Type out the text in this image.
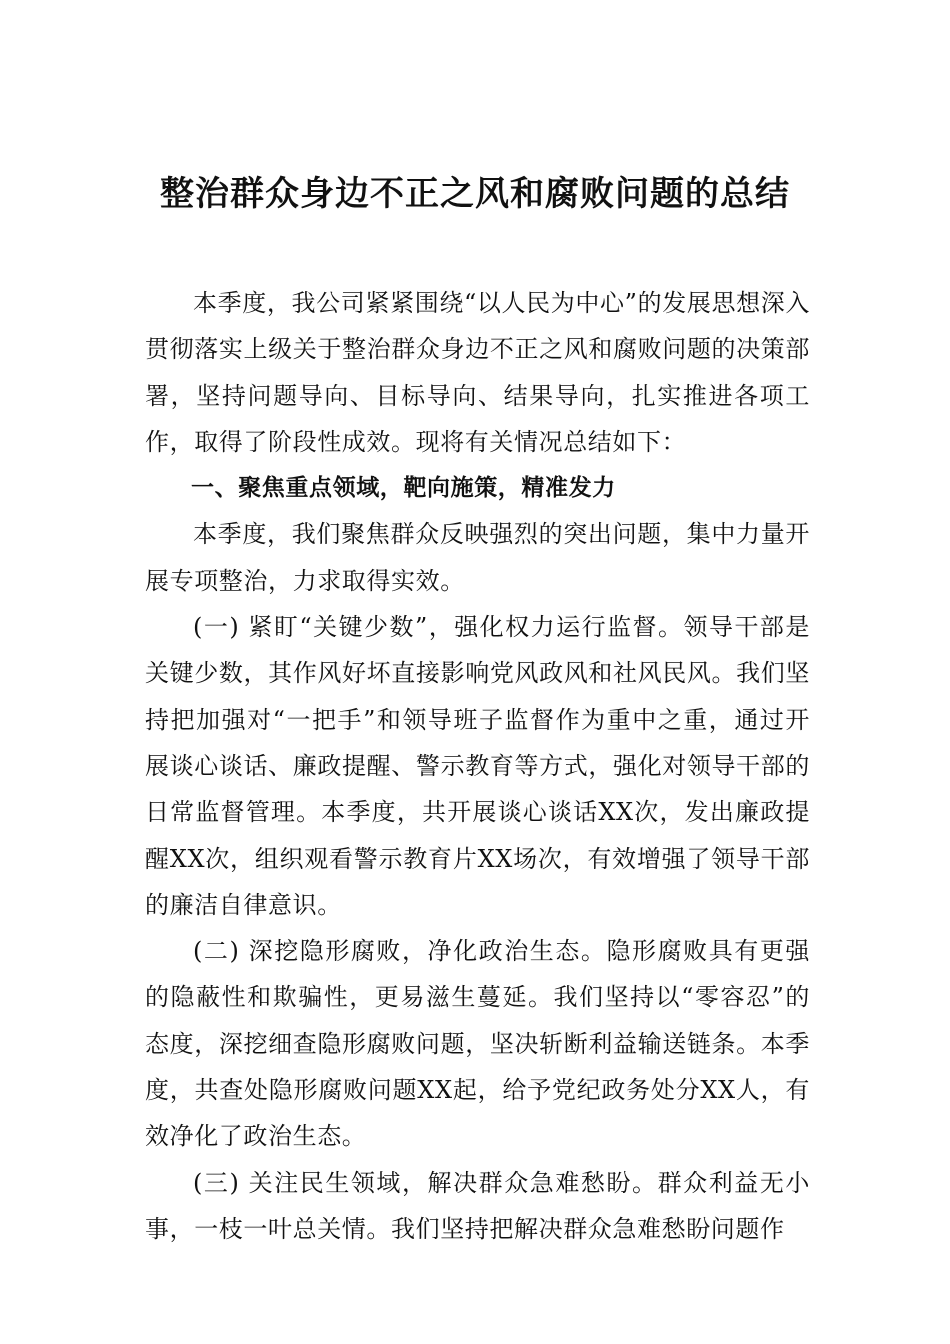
整治群众身边不正之风和腐败问题的总结

本季度，我公司紧紧围绕“以人民为中心”的发展思想深入贯彻落实上级关于整治群众身边不正之风和腐败问题的决策部署，坚持问题导向、目标导向、结果导向，扎实推进各项工作，取得了阶段性成效。现将有关情况总结如下：

一、聚焦重点领域，靶向施策，精准发力

本季度，我们聚焦群众反映强烈的突出问题，集中力量开展专项整治，力求取得实效。

(一) 紧盯“关键少数”，强化权力运行监督。领导干部是关键少数，其作风好坏直接影响党风政风和社风民风。我们坚持把加强对“一把手”和领导班子监督作为重中之重，通过开展谈心谈话、廉政提醒、警示教育等方式，强化对领导干部的日常监督管理。本季度，共开展谈心谈话XX次，发出廉政提醒XX次，组织观看警示教育片XX场次，有效增强了领导干部的廉洁自律意识。

(二) 深挖隐形腐败，净化政治生态。隐形腐败具有更强的隐蔽性和欺骗性，更易滋生蔓延。我们坚持以“零容忍”的态度，深挖细查隐形腐败问题，坚决斩断利益输送链条。本季度，共查处隐形腐败问题XX起，给予党纪政务处分XX人，有效净化了政治生态。

(三) 关注民生领域，解决群众急难愁盼。群众利益无小事，一枝一叶总关情。我们坚持把解决群众急难愁盼问题作
